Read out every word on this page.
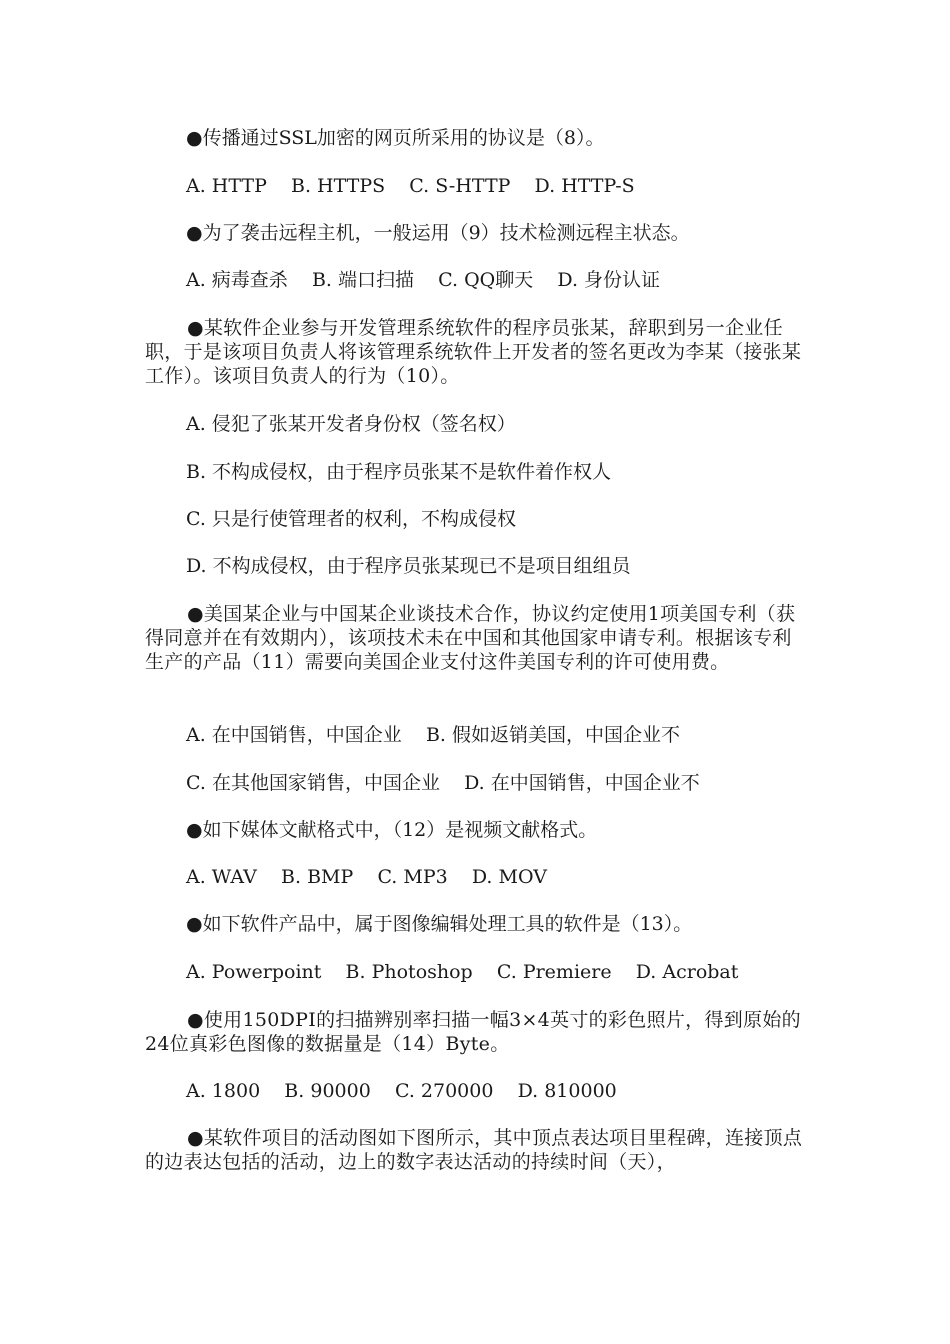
●传播通过SSL加密的网页所采用的协议是（8）。

A. HTTP    B. HTTPS    C. S-HTTP    D. HTTP-S

●为了袭击远程主机，一般运用（9）技术检测远程主状态。

A. 病毒查杀    B. 端口扫描    C. QQ聊天    D. 身份认证

●某软件企业参与开发管理系统软件的程序员张某，辞职到另一企业任职，于是该项目负责人将该管理系统软件上开发者的签名更改为李某（接张某工作）。该项目负责人的行为（10）。

A. 侵犯了张某开发者身份权（签名权）

B. 不构成侵权，由于程序员张某不是软件着作权人

C. 只是行使管理者的权利，不构成侵权

D. 不构成侵权，由于程序员张某现已不是项目组组员

●美国某企业与中国某企业谈技术合作，协议约定使用1项美国专利（获得同意并在有效期内），该项技术未在中国和其他国家申请专利。根据该专利生产的产品（11）需要向美国企业支付这件美国专利的许可使用费。

A. 在中国销售，中国企业    B. 假如返销美国，中国企业不

C. 在其他国家销售，中国企业    D. 在中国销售，中国企业不

●如下媒体文献格式中，（12）是视频文献格式。

A. WAV    B. BMP    C. MP3    D. MOV

●如下软件产品中，属于图像编辑处理工具的软件是（13）。

A. Powerpoint    B. Photoshop    C. Premiere    D. Acrobat

●使用150DPI的扫描辨别率扫描一幅3×4英寸的彩色照片，得到原始的24位真彩色图像的数据量是（14）Byte。

A. 1800    B. 90000    C. 270000    D. 810000

●某软件项目的活动图如下图所示，其中顶点表达项目里程碑，连接顶点的边表达包括的活动，边上的数字表达活动的持续时间（天），
